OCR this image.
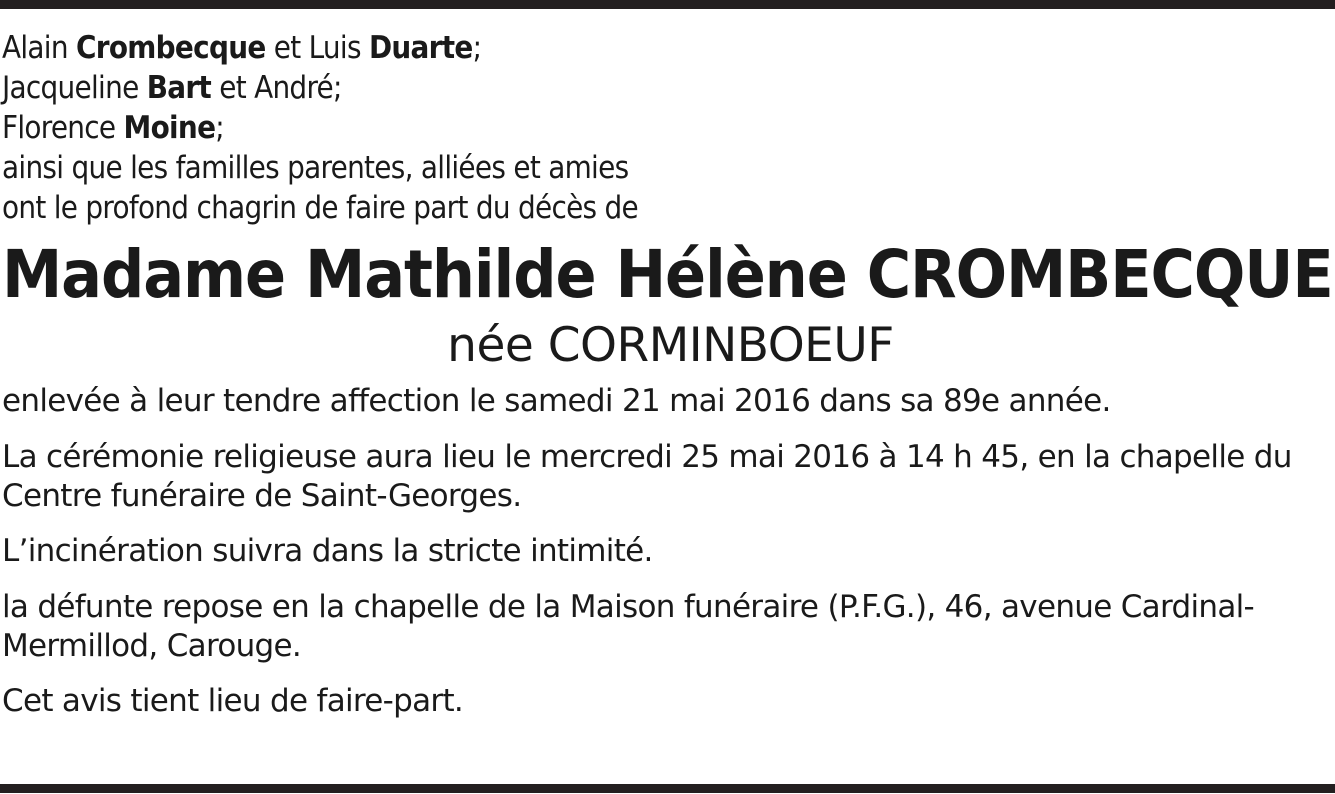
Alain Crombecque et Luis Duarte;
Jacqueline Bart et André;
Florence Moine;
ainsi que les familles parentes, alliées et amies
ont le profond chagrin de faire part du décès de
Madame Mathilde Hélène CROMBECQUE
née CORMINBOEUF
enlevée à leur tendre affection le samedi 21 mai 2016 dans sa 89e année.
La cérémonie religieuse aura lieu le mercredi 25 mai 2016 à 14 h 45, en la chapelle du
Centre funéraire de Saint-Georges.
L’incinération suivra dans la stricte intimité.
la défunte repose en la chapelle de la Maison funéraire (P.F.G.), 46, avenue Cardinal-
Mermillod, Carouge.
Cet avis tient lieu de faire-part.
